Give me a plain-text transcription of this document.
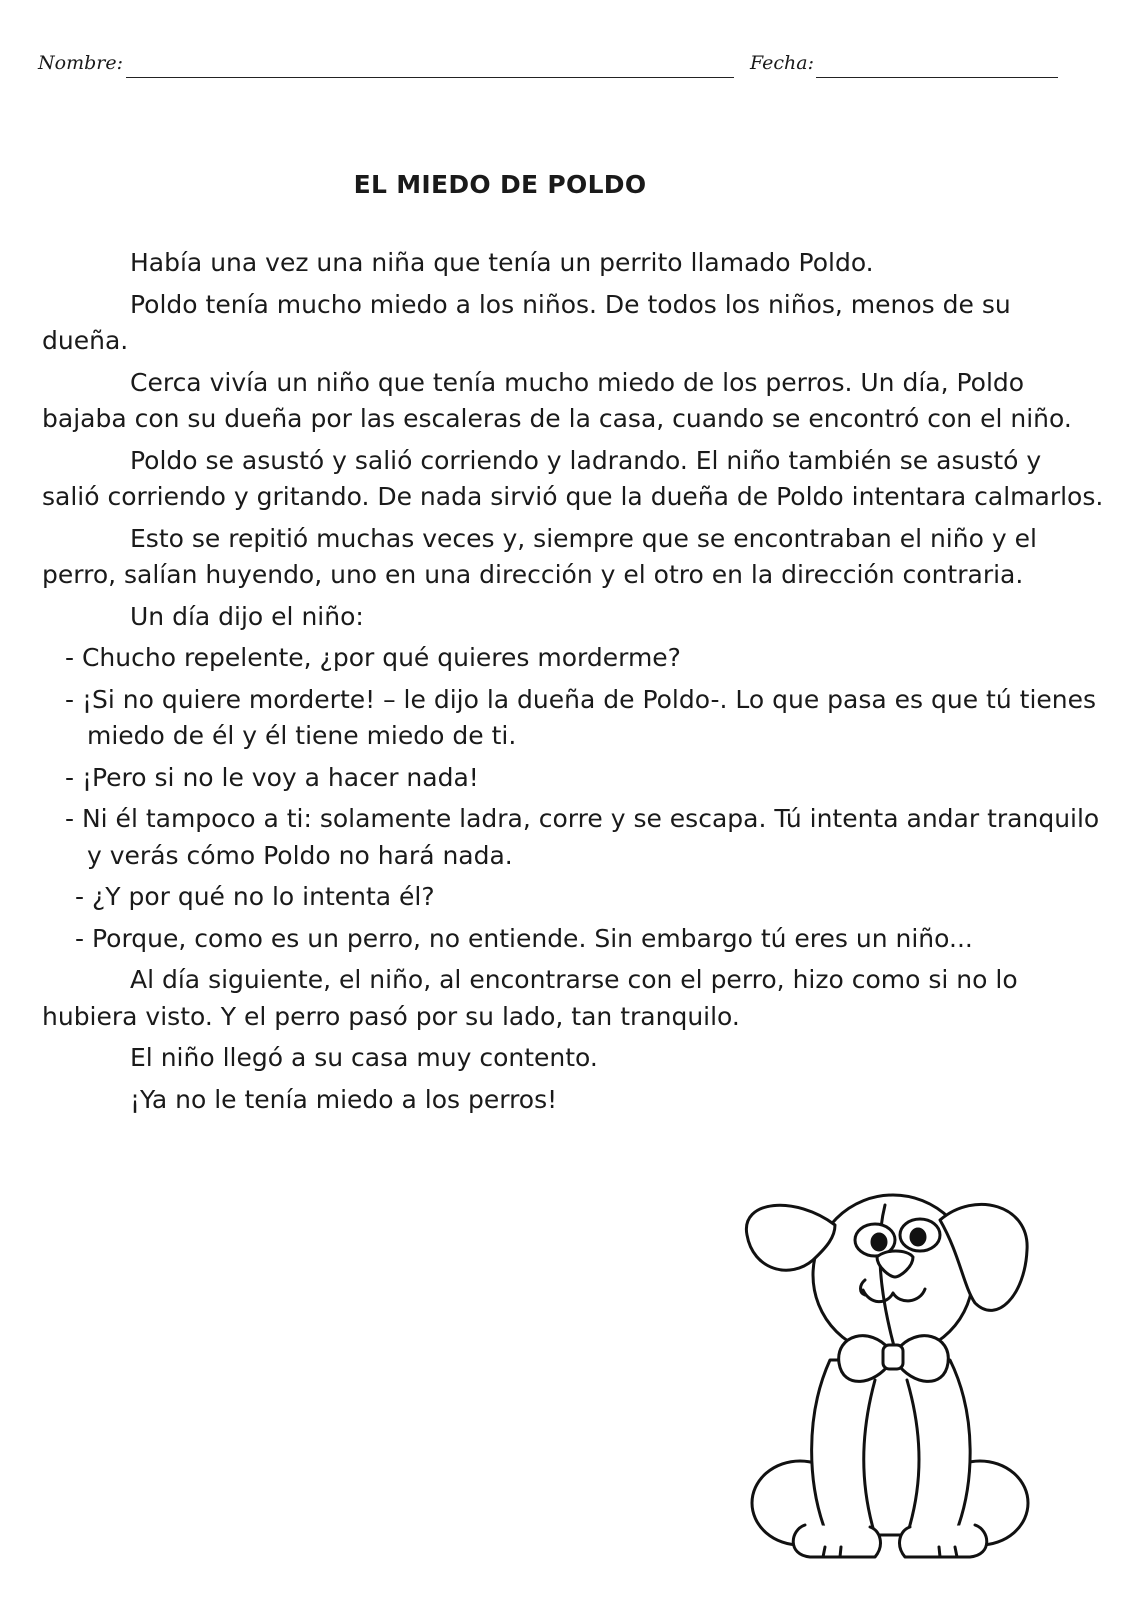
Nombre:	Fecha:
EL MIEDO DE POLDO

Había una vez una niña que tenía un perrito llamado Poldo.

Poldo tenía mucho miedo a los niños. De todos los niños, menos de su dueña.

Cerca vivía un niño que tenía mucho miedo de los perros. Un día, Poldo bajaba con su dueña por las escaleras de la casa, cuando se encontró con el niño.

Poldo se asustó y salió corriendo y ladrando. El niño también se asustó y salió corriendo y gritando. De nada sirvió que la dueña de Poldo intentara calmarlos.

Esto se repitió muchas veces y, siempre que se encontraban el niño y el perro, salían huyendo, uno en una dirección y el otro en la dirección contraria.

Un día dijo el niño:

- Chucho repelente, ¿por qué quieres morderme?

- ¡Si no quiere morderte! – le dijo la dueña de Poldo-. Lo que pasa es que tú tienes miedo de él y él tiene miedo de ti.

- ¡Pero si no le voy a hacer nada!

- Ni él tampoco a ti: solamente ladra, corre y se escapa. Tú intenta andar tranquilo y verás cómo Poldo no hará nada.

- ¿Y por qué no lo intenta él?

- Porque, como es un perro, no entiende. Sin embargo tú eres un niño...

Al día siguiente, el niño, al encontrarse con el perro, hizo como si no lo hubiera visto. Y el perro pasó por su lado, tan tranquilo.

El niño llegó a su casa muy contento.

¡Ya no le tenía miedo a los perros!
